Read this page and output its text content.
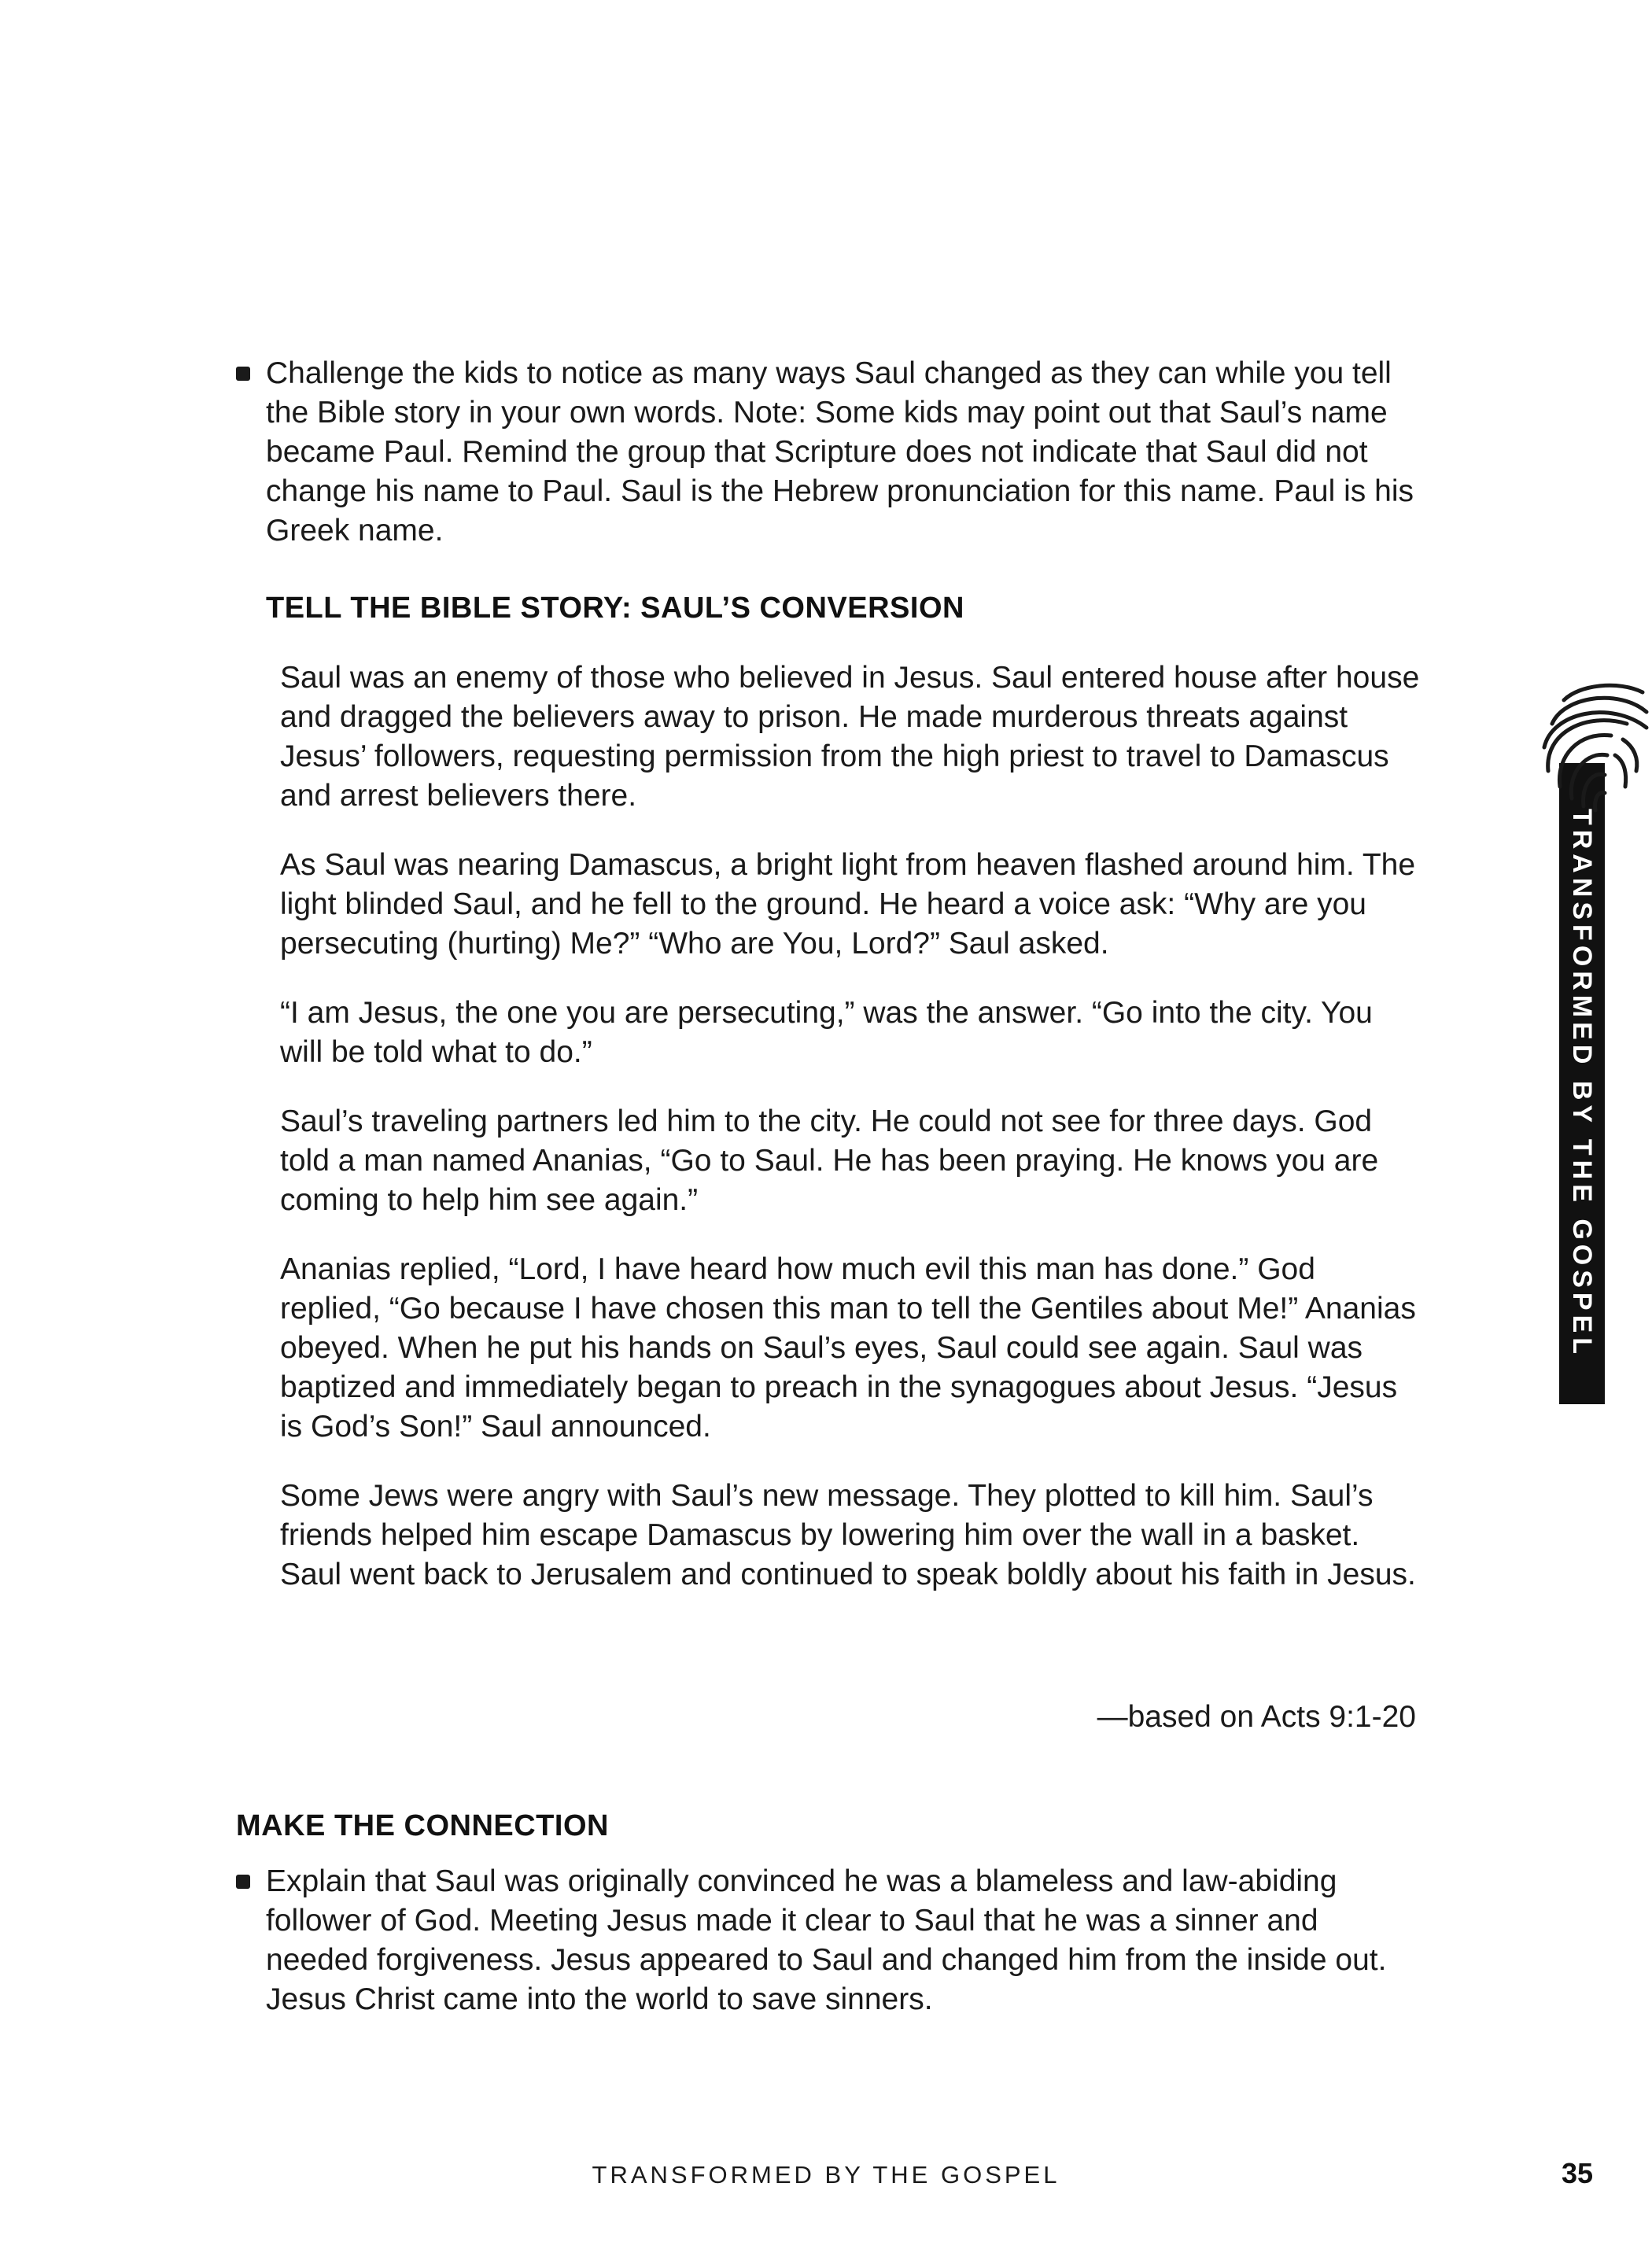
Challenge the kids to notice as many ways Saul changed as they can while you tell the Bible story in your own words. Note: Some kids may point out that Saul’s name became Paul. Remind the group that Scripture does not indicate that Saul did not change his name to Paul. Saul is the Hebrew pronunciation for this name. Paul is his Greek name.

TELL THE BIBLE STORY: SAUL’S CONVERSION

Saul was an enemy of those who believed in Jesus. Saul entered house after house and dragged the believers away to prison. He made murderous threats against Jesus’ followers, requesting permission from the high priest to travel to Damascus and arrest believers there.

As Saul was nearing Damascus, a bright light from heaven flashed around him. The light blinded Saul, and he fell to the ground. He heard a voice ask: “Why are you persecuting (hurting) Me?” “Who are You, Lord?” Saul asked.

“I am Jesus, the one you are persecuting,” was the answer. “Go into the city. You will be told what to do.”

Saul’s traveling partners led him to the city. He could not see for three days. God told a man named Ananias, “Go to Saul. He has been praying. He knows you are coming to help him see again.”

Ananias replied, “Lord, I have heard how much evil this man has done.” God replied, “Go because I have chosen this man to tell the Gentiles about Me!” Ananias obeyed. When he put his hands on Saul’s eyes, Saul could see again. Saul was baptized and immediately began to preach in the synagogues about Jesus. “Jesus is God’s Son!” Saul announced.

Some Jews were angry with Saul’s new message. They plotted to kill him. Saul’s friends helped him escape Damascus by lowering him over the wall in a basket. Saul went back to Jerusalem and continued to speak boldly about his faith in Jesus.

—based on Acts 9:1-20

MAKE THE CONNECTION

Explain that Saul was originally convinced he was a blameless and law-abiding follower of God. Meeting Jesus made it clear to Saul that he was a sinner and needed forgiveness. Jesus appeared to Saul and changed him from the inside out. Jesus Christ came into the world to save sinners.

TRANSFORMED BY THE GOSPEL

TRANSFORMED BY THE GOSPEL	35
